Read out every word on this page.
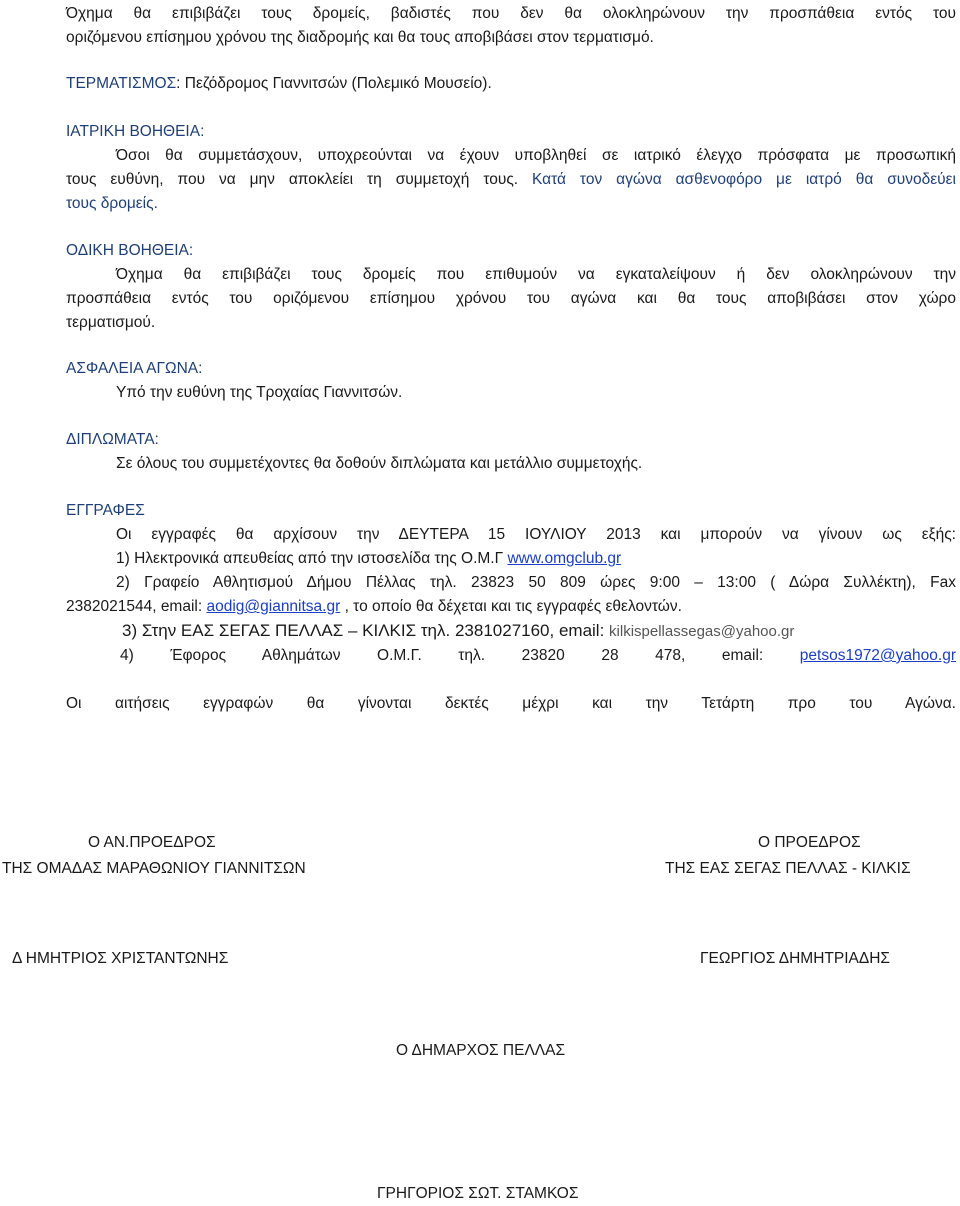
Όχημα θα επιβιβάζει τους δρομείς, βαδιστές που δεν θα ολοκληρώνουν την προσπάθεια εντός του
οριζόμενου επίσημου χρόνου της διαδρομής και θα τους αποβιβάσει στον τερματισμό.
ΤΕΡΜΑΤΙΣΜΟΣ: Πεζόδρομος Γιαννιτσών (Πολεμικό Μουσείο).
ΙΑΤΡΙΚΗ ΒΟΗΘΕΙΑ:
Όσοι θα συμμετάσχουν, υποχρεούνται να έχουν υποβληθεί σε ιατρικό έλεγχο πρόσφατα με προσωπική
τους ευθύνη, που να μην αποκλείει τη συμμετοχή τους. Κατά τον αγώνα ασθενοφόρο με ιατρό θα συνοδεύει
τους δρομείς.
ΟΔΙΚΗ ΒΟΗΘΕΙΑ:
Όχημα θα επιβιβάζει τους δρομείς που επιθυμούν να εγκαταλείψουν ή δεν ολοκληρώνουν την
προσπάθεια εντός του οριζόμενου επίσημου χρόνου του αγώνα και θα τους αποβιβάσει στον χώρο
τερματισμού.
ΑΣΦΑΛΕΙΑ ΑΓΩΝΑ:
Υπό την ευθύνη της Τροχαίας Γιαννιτσών.
ΔΙΠΛΩΜΑΤΑ:
Σε όλους του συμμετέχοντες θα δοθούν διπλώματα και μετάλλιο συμμετοχής.
ΕΓΓΡΑΦΕΣ
Οι εγγραφές θα αρχίσουν την ΔΕΥΤΕΡΑ 15 ΙΟΥΛΙΟΥ 2013 και μπορούν να γίνουν ως εξής:
1) Ηλεκτρονικά απευθείας από την ιστοσελίδα της Ο.Μ.Γ www.omgclub.gr
2) Γραφείο Αθλητισμού Δήμου Πέλλας τηλ. 23823 50 809 ώρες 9:00 – 13:00 ( Δώρα Συλλέκτη), Fax
2382021544, email: aodig@giannitsa.gr , το οποίο θα δέχεται και τις εγγραφές εθελοντών.
3) Στην ΕΑΣ ΣΕΓΑΣ ΠΕΛΛΑΣ – ΚΙΛΚΙΣ τηλ. 2381027160, email: kilkispellassegas@yahoo.gr
4) Έφορος Αθλημάτων Ο.Μ.Γ. τηλ. 23820 28 478, email: petsos1972@yahoo.gr
Οι αιτήσεις εγγραφών θα γίνονται δεκτές μέχρι και την Τετάρτη προ του Αγώνα.
Ο ΑΝ.ΠΡΟΕΔΡΟΣ
ΤΗΣ ΟΜΑΔΑΣ ΜΑΡΑΘΩΝΙΟΥ ΓΙΑΝΝΙΤΣΩΝ
Ο ΠΡΟΕΔΡΟΣ
ΤΗΣ ΕΑΣ ΣΕΓΑΣ ΠΕΛΛΑΣ - ΚΙΛΚΙΣ
Δ ΗΜΗΤΡΙΟΣ ΧΡΙΣΤΑΝΤΩΝΗΣ	ΓΕΩΡΓΙΟΣ ΔΗΜΗΤΡΙΑΔΗΣ
Ο ΔΗΜΑΡΧΟΣ ΠΕΛΛΑΣ
ΓΡΗΓΟΡΙΟΣ ΣΩΤ. ΣΤΑΜΚΟΣ
